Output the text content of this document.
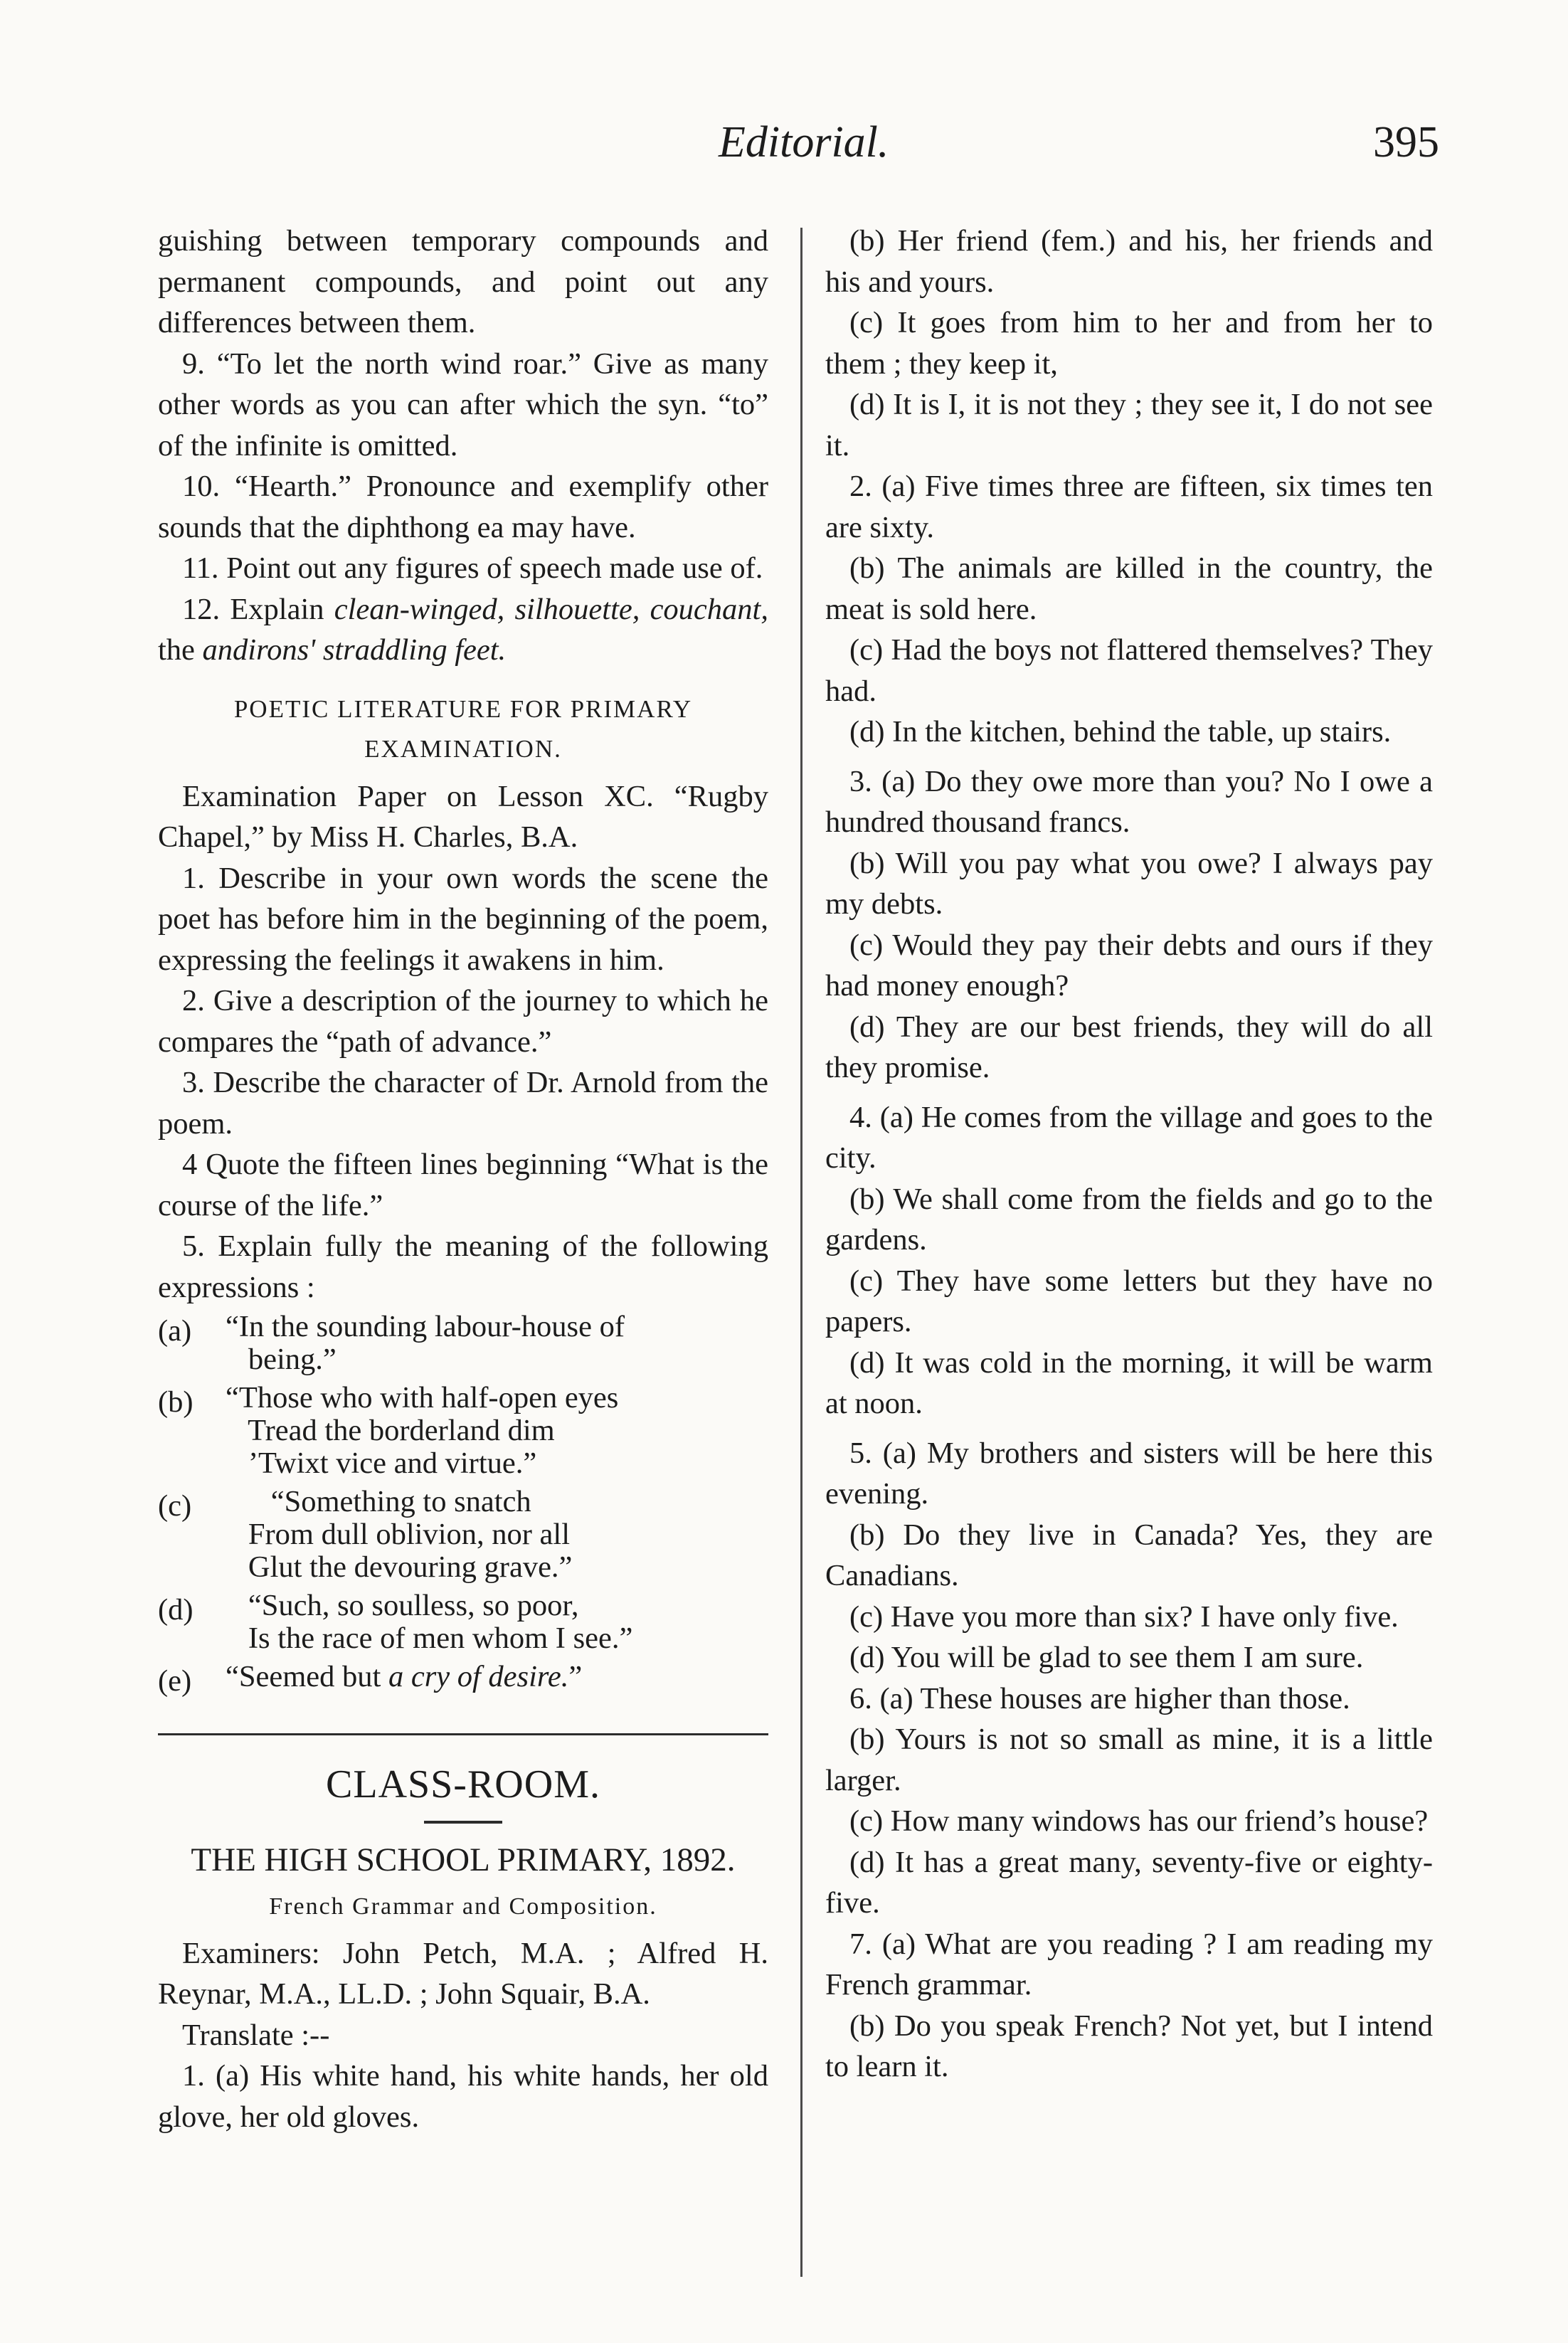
Editorial.	395

guishing between temporary compounds and permanent compounds, and point out any differences between them.

9. “To let the north wind roar.” Give as many other words as you can after which the syn. “to” of the infinite is omitted.

10. “Hearth.” Pronounce and exemplify other sounds that the diphthong ea may have.

11. Point out any figures of speech made use of.

12. Explain clean-winged, silhouette, couchant, the andirons' straddling feet.

POETIC LITERATURE FOR PRIMARY EXAMINATION.

Examination Paper on Lesson XC. “Rugby Chapel,” by Miss H. Charles, B.A.

1. Describe in your own words the scene the poet has before him in the beginning of the poem, expressing the feelings it awakens in him.

2. Give a description of the journey to which he compares the “path of advance.”

3. Describe the character of Dr. Arnold from the poem.

4 Quote the fifteen lines beginning “What is the course of the life.”

5. Explain fully the meaning of the following expressions :

(a)	“In the sounding labour-house of
being.”
(b)	“Those who with half-open eyes
Tread the borderland dim
’Twixt vice and virtue.”
(c)	“Something to snatch
From dull oblivion, nor all
Glut the devouring grave.”
(d)	“Such, so soulless, so poor,
Is the race of men whom I see.”
(e)	“Seemed but a cry of desire.”
CLASS-ROOM.
THE HIGH SCHOOL PRIMARY, 1892.
French Grammar and Composition.

Examiners: John Petch, M.A. ; Alfred H. Reynar, M.A., LL.D. ; John Squair, B.A.

Translate :--

1. (a) His white hand, his white hands, her old glove, her old gloves.

(b) Her friend (fem.) and his, her friends and his and yours.

(c) It goes from him to her and from her to them ; they keep it,

(d) It is I, it is not they ; they see it, I do not see it.

2. (a) Five times three are fifteen, six times ten are sixty.

(b) The animals are killed in the country, the meat is sold here.

(c) Had the boys not flattered themselves? They had.

(d) In the kitchen, behind the table, up stairs.

3. (a) Do they owe more than you? No I owe a hundred thousand francs.

(b) Will you pay what you owe? I always pay my debts.

(c) Would they pay their debts and ours if they had money enough?

(d) They are our best friends, they will do all they promise.

4. (a) He comes from the village and goes to the city.

(b) We shall come from the fields and go to the gardens.

(c) They have some letters but they have no papers.

(d) It was cold in the morning, it will be warm at noon.

5. (a) My brothers and sisters will be here this evening.

(b) Do they live in Canada? Yes, they are Canadians.

(c) Have you more than six? I have only five.

(d) You will be glad to see them I am sure.

6. (a) These houses are higher than those.

(b) Yours is not so small as mine, it is a little larger.

(c) How many windows has our friend’s house?

(d) It has a great many, seventy-five or eighty-five.

7. (a) What are you reading ? I am reading my French grammar.

(b) Do you speak French? Not yet, but I intend to learn it.
